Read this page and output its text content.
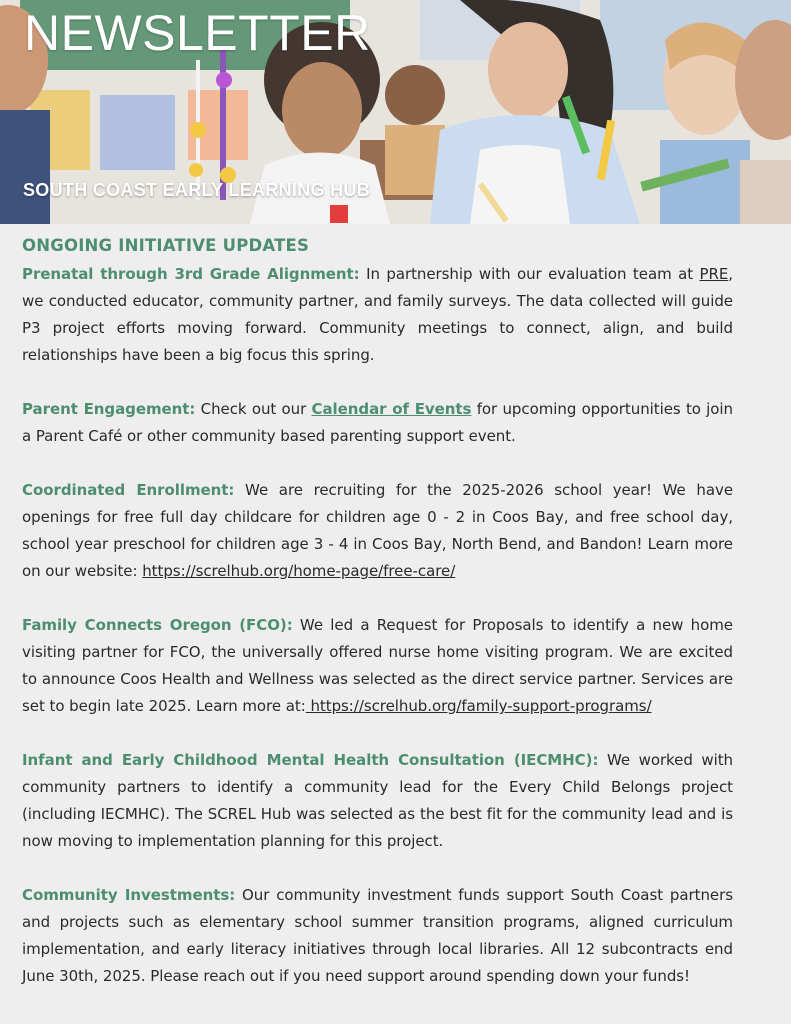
NEWSLETTER
SOUTH COAST EARLY LEARNING HUB
ONGOING INITIATIVE UPDATES

Prenatal through 3rd Grade Alignment: In partnership with our evaluation team at PRE, we conducted educator, community partner, and family surveys. The data collected will guide P3 project efforts moving forward. Community meetings to connect, align, and build relationships have been a big focus this spring.

Parent Engagement: Check out our Calendar of Events for upcoming opportunities to join a Parent Café or other community based parenting support event.

Coordinated Enrollment: We are recruiting for the 2025-2026 school year! We have openings for free full day childcare for children age 0 - 2 in Coos Bay, and free school day, school year preschool for children age 3 - 4 in Coos Bay, North Bend, and Bandon! Learn more on our website: https://screlhub.org/home-page/free-care/

Family Connects Oregon (FCO): We led a Request for Proposals to identify a new home visiting partner for FCO, the universally offered nurse home visiting program. We are excited to announce Coos Health and Wellness was selected as the direct service partner. Services are set to begin late 2025. Learn more at: https://screlhub.org/family-support-programs/

Infant and Early Childhood Mental Health Consultation (IECMHC): We worked with community partners to identify a community lead for the Every Child Belongs project (including IECMHC). The SCREL Hub was selected as the best fit for the community lead and is now moving to implementation planning for this project.

Community Investments: Our community investment funds support South Coast partners and projects such as elementary school summer transition programs, aligned curriculum implementation, and early literacy initiatives through local libraries. All 12 subcontracts end June 30th, 2025. Please reach out if you need support around spending down your funds!
